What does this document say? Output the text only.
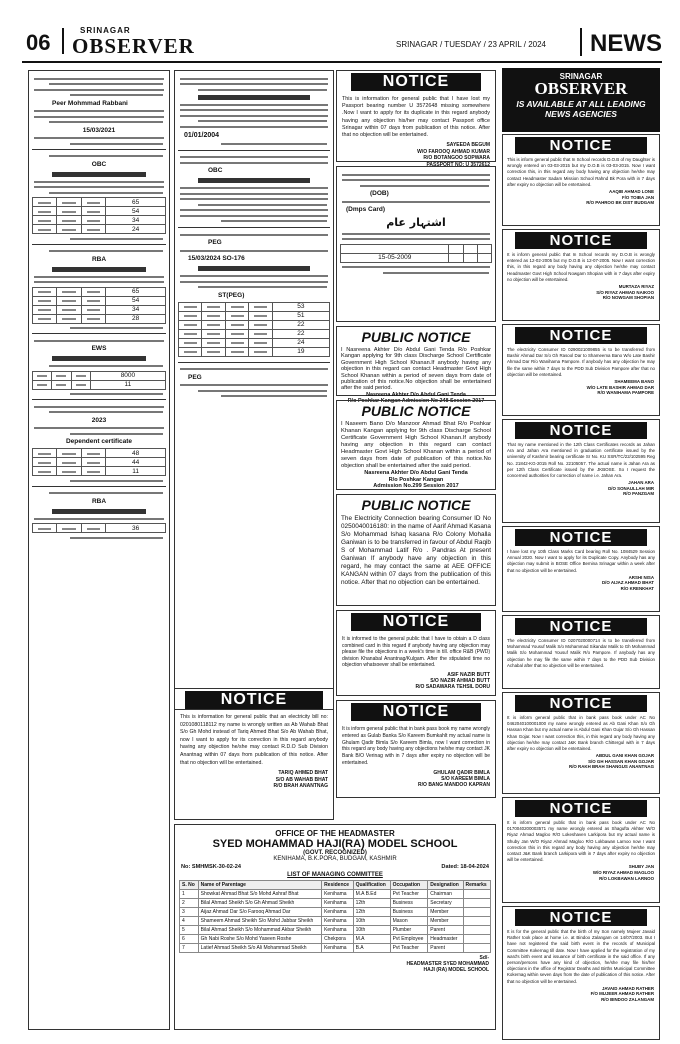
06	SRINAGAR
OBSERVER	SRINAGAR / TUESDAY / 23 APRIL / 2024 NEWS
Peer Mohmmad Rabbani
15/03/2021
OBC
			65
			54
			34
			24
RBA
			65
			54
			34
			28
EWS
			8000
			11
2023
Dependent certificate
			48
			44
			11
RBA
			36
01/01/2004
OBC
PEG
15/03/2024 SO-176
ST(PEG)
				53
				51
				22
				22
				24
				19
PEG
NOTICE
This is information for general public that an electricity bill no: 0201080118112 my name is wrongly written as Ab Wahab Bhat S/o Gh Mohd instead of Tariq Ahmed Bhat S/o Ab Wahab Bhat, now I want to apply for its correction in this regard anybody having any objection he/she may contact R.D.O Sub Division Anantnag within 07 days from publication of this notice. After that no objection will be entertained.
TARIQ AHMED BHAT
S/O AB WAHAB BHAT
R/O BRAH ANANTNAG
NOTICE
This is information for general public that I have lost my Passport bearing number U 3572648 missing somewhere .Now I want to apply for its duplicate in this regard anybody having any objection his/her may contact Passport office Srinagar within 07 days from publication of this notice. After that no objection will be entertained.
SAYEEDA BEGUM
W/O FAROOQ AHMAD KUMAR
R/O BOTANGOO SOPWARA
PASSPORT NO: U 3572612
(DOB)
(Dmps Card)
اشتہار عام

15-05-2009			
PUBLIC NOTICE
I Nasreena Akhter D/o Abdul Gani Tenda R/o Poshkar Kangan applying for 9th class Discharge School Certificate Government High School Khanan.If anybody having any objection in this regard can contact Headmaster Govt High School Khanan within a period of seven days from date of publication of this notice.No objection shall be entertained after the said period.
Nasreena Akhter D/o Abdul Gani Tenda
R/o Poshkar Kangan Admission No 248 Session 2017
PUBLIC NOTICE
I Naseem Bano D/o Manzoor Ahmad Bhat R/o Poshkar Khanan Kangan applying for 9th class Discharge School Certificate Government High School Khanan.If anybody having any objection in this regard can contact Headmaster Govt High School Khanan within a period of seven days from date of publication of this notice.No objection shall be entertained after the said period.
Nasreena Akhter D/o Abdul Gani Tenda
R/o Poshkar Kangan
Admission No.299 Session 2017
PUBLIC NOTICE
The Electricity Connection bearing Consumer ID No 0250040016180: in the name of Aarif Ahmad Kasana S/o Mohammad Ishaq kasana R/o Colony Mohalla Ganiwan is to be transferred in favour of Abdul Raqib S of Mohammad Latif R/o . Pandras At present Ganiwan If anybody have any objection in this regard, he may contact the same at AEE OFFICE KANGAN within 07 days from the publication of this notice. After that no objection can be entertained.
NOTICE
It is informed to the general public that I have to obtain a D class combined card in this regard if anybody having any objection may please file the objections in a week's time in till. office R&B (PWD) division Khanabal Anantnag/Kulgam. After the stipulated time no objection whatsoever shall be entertained.
ASIF NAZIR BUTT
S/O NAZIR AHMAD BUTT
R/O SADAWARA TEHSIL DORU
NOTICE
It is inform general public that in bank pass book my name wrongly entered as Gulab Banka S/o Kareem Bumkahlt my actual name is Ghulam Qadir Bimla S/o Kareem Bimla, now I want correction in this regard any body having any objections he/she may contact JK Bank B/O Verinag with in 7 days after expiry no objection will be entertained.
GHULAM QADIR BIMLA
S/O KAREEM BIMLA
R/O BANG MANDOO KAPRAN
OFFICE OF THE HEADMASTER
SYED MOHAMMAD HAJI(RA) MODEL SCHOOL
(GOVT. RECOGNIZED)
KENIHAMA, B.K.PORA, BUDGAM, KASHMIR
No: SMHMSK-30-02-24	Dated: 18-04-2024
LIST OF MANAGING COMMITTEE
S. No	Name of Parentage	Residence	Qualification	Occupation	Designation	Remarks
1	Showkat Ahmad Bhat S/o Mohd Ashraf Bhat	Kenihama	M.A B.Ed	Pvt Teacher	Chairman	
2	Bilal Ahmad Sheikh S/o Gh Ahmad Sheikh	Kenihama	12th	Business	Secretary	
3	Aijaz Ahmad Dar S/o Farooq Ahmad Dar	Kenihama	12th	Business	Member	
4	Shameem Ahmad Sheikh S/o Mohd Jabbar Sheikh	Kenihama	10th	Mason	Member	
5	Bilal Ahmad Sheikh S/o Mohammad Akbar Sheikh	Kenihama	10th	Plumber	Parent	
6	Gh Nabi Roshe S/o Mohd Yaseen Roshe	Chekpora	M.A	Pvt Employee	Headmaster	
7	Latief Ahmad Sheikh S/o Ali Mohammad Sheikh	Kenihama	B.A	Pvt Teacher	Parent	
Sd/-
HEADMASTER SYED MOHAMMAD
HAJI (RA) MODEL SCHOOL
SRINAGAR
OBSERVER
IS AVAILABLE AT ALL LEADING NEWS AGENCIES
NOTICE
This is inform general public that In School records D.O.B of my Daughter is wrongly entered on 03-03-2015 but my D.O.B is 03-03-2015. Now I want correction this, in this regard any body having any objection he/she may contact Headmaster Sadam Mission School Rahnd Bk Pora with in 7 days after expiry no objection will be entertained.
AAQIB AHMAD LONE
F/O TOIBA JAN
R/O PAHROO BK DIST BUDGAM
NOTICE
It is inform general public that In School records my D.O.B is wrongly entered as 12-02-2005 but my D.O.B is 12-07-2005. Now I want correction this, in this regard any body having any objection he/she may contact Headmaster Govt High School Nowgam Shopian with in 7 days after expiry no objection will be entertained.
MURTAZA RIYAZ
S/O RIYAZ AHMAD NAIKOO
R/O NOWGAM SHOPIAN
NOTICE
The electricity Consumer ID 0290021009855 is to be transferred from Bashir Ahmad Dar S/o Gh Rasool Dar to Shameema Bano W/o Late Bashir Ahmad Dar R/o Wanihama Pampore. If anybody has any objection he may file the same within 7 days to the PDD Sub Division Pampore after that no objection will be entertained.
SHAMEEMA BANO
W/O LATE BASHIR AHMAD DAR
R/O WANIHAMA PAMPORE
NOTICE
That my name mentioned in the 12th Class Certificates records as Jahan Ara and Jahan Ara mentioned in graduation certificate issued by the university of Kashmir bearing certificate Sr No. KU SSR/TC/22/102595 Reg No. 21842-KG-2015 Roll No. 22105057. The actual name is Jahan Ara as per 12th Class Certificate issued by the JKBOSE. So I request the concerned authorities for correction of name i.e. Jahan Ara.
JAHAN ARA
D/O SONAULLAH MIR
R/O PANZGAM
NOTICE
I have lost my 10th Class Marks Card bearing Roll No. 1084529 Session Annual 2020. Now I want to apply for its Duplicate Copy. Anybody has any objection may submit in BOSE Office Bemina Srinagar within a week after that no objection will be entertained.
ARSHI NISA
D/O AIJAZ AHMAD BHAT
R/O KRENKHAT
NOTICE
The electricity Consumer ID 0207020000714 is to be transferred from Mohammad Yousuf Malik S/o Mohammad Sikandar Malik to Gh Mohammad Malik S/o Mohammad Yousuf Malik R/o Pampore. If anybody has any objection he may file the same within 7 days to the PDD Sub Division Achabal after that no objection will be entertained.
NOTICE
It is inform general public that in bank pass book under AC No 0462040100001000 my name wrongly entered as Ab Gani Khan S/o Gh Hassan Khan but my actual name is Abdul Gani Khan Gujar S/o Gh Hassan Khan Gojar. Now I want correction this, in this regard any body having any objection he/she may contact J&K Bank branch Chittergul with in 7 days after expiry no objection will be entertained.
ABDUL GANI KHAN GOJAR
S/O GH HASSAN KHAN GOJAR
R/O RAKH BRAH SHANGUS ANANTNAG
NOTICE
It is inform general public that in bank pass book under AC No 0170040200003571 my name wrongly entered as Shagufta Akhter W/O Riyaz Ahmad Magloo R/O Lokeshaven Larkipora but my actual name is Shuby Jan W/O Riyaz Ahmad Magloo R/O Lokbawan Larnoo now I want correction this in this regard any body having any objection he/she may contact J&K Bank branch Larkipora with in 7 days after expiry no objection will be entertained.
SHUBY JAN
W/O RIYAZ AHMAD MAGLOO
R/O LOKBAWAN LARNOO
NOTICE
It is for the general public that the birth of my Son namely Mujeer Javaid Rather took place at home i.e. at Bindoo Zalangam on 14/07/2003. But I have not registered the said birth event in the records of Municipal Committee Kokernag till date. Now I have applied for the registration of my ward's birth event and issuance of birth certificate in the said office. If any person/persons have any kind of objection, he/she may file his/her objections in the office of Registrar Deaths and Births Municipal Committee Kokernag within seven days from the date of publication of this notice. After that no objection will be entertained.
JAVAID AHMAD RATHER
F/O MUJEER AHMAD RATHER
R/O BINDOO ZALANGAM
